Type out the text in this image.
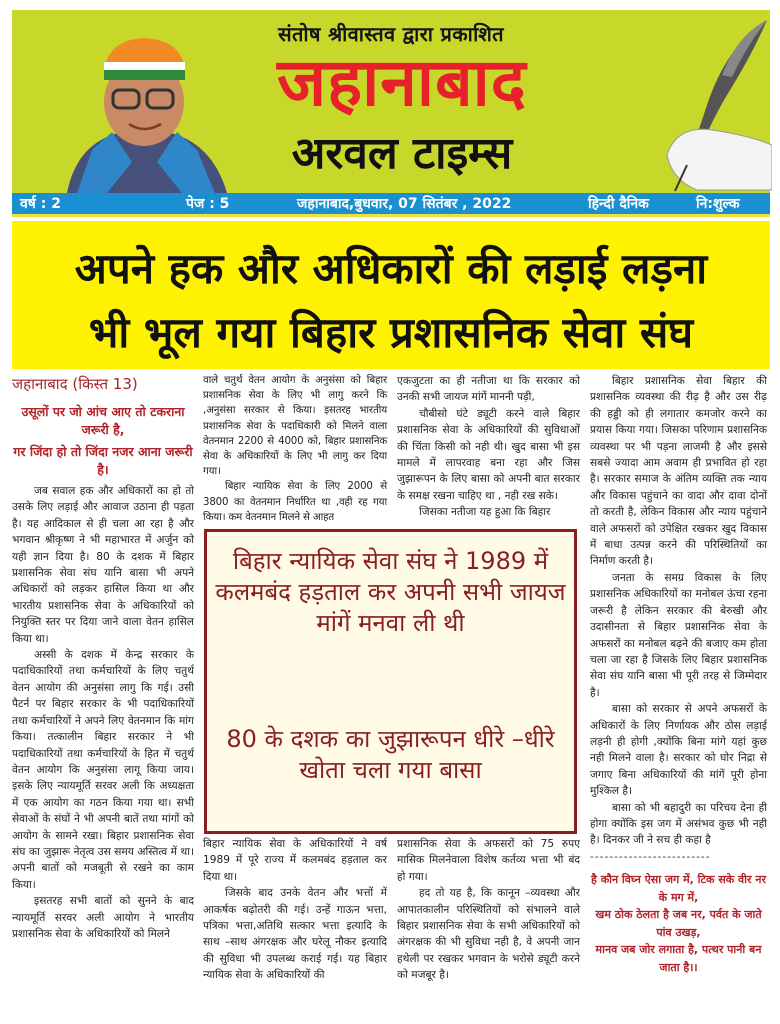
संतोष श्रीवास्तव द्वारा प्रकाशित
जहानाबाद
अरवल टाइम्स
वर्ष : 2	पेज : 5	जहानाबाद,बुधवार, 07 सितंबर , 2022	हिन्दी दैनिक	नि:शुल्क
अपने हक और अधिकारों की लड़ाई लड़ना
भी भूल गया बिहार प्रशासनिक सेवा संघ
जहानाबाद (किस्त 13)
उसूलों पर जो आंच आए तो टकराना जरूरी है,
गर जिंदा हो तो जिंदा नजर आना जरूरी है।

जब सवाल हक और अधिकारों का हो तो उसके लिए लड़ाई और आवाज उठाना ही पड़ता है। यह आदिकाल से ही चला आ रहा है और भगवान श्रीकृष्ण ने भी महाभारत में अर्जुन को यही ज्ञान दिया है। 80 के दशक में बिहार प्रशासनिक सेवा संघ यानि बासा भी अपने अधिकारों को लड़कर हासिल किया था और भारतीय प्रशासनिक सेवा के अधिकारियों को नियुक्ति स्तर पर दिया जाने वाला वेतन हासिल किया था।

अस्सी के दशक में केन्द्र सरकार के पदाधिकारियों तथा कर्मचारियों के लिए चतुर्थ वेतन आयोग की अनुसंसा लागु कि गई। उसी पैटर्न पर बिहार सरकार के भी पदाधिकारियों तथा कर्मचारियों ने अपने लिए वेतनमान कि मांग किया। तत्कालीन बिहार सरकार ने भी पदाधिकारियों तथा कर्मचारियों के हित में चतुर्थ वेतन आयोग कि अनुसंसा लागू किया जाय। इसके लिए न्यायमूर्ति सरवर अली कि अध्यक्षता में एक आयोग का गठन किया गया था। सभी सेवाओं के संघों ने भी अपनी बातें तथा मांगों को आयोग के सामने रखा। बिहार प्रशासनिक सेवा संघ का जुझारू नेतृत्व उस समय अस्तित्व में था। अपनी बातों को मजबूती से रखने का काम किया।

इसतरह सभी बातों को सुनने के बाद न्यायमूर्ति सरवर अली आयोग ने भारतीय प्रशासनिक सेवा के अधिकारियों को मिलने

वाले चतुर्थ वेतन आयोग के अनुसंसा को बिहार प्रशासनिक सेवा के लिए भी लागु करने कि ,अनुसंसा सरकार से किया। इसतरह भारतीय प्रशासनिक सेवा के पदाधिकारी को मिलने वाला वेतनमान 2200 से 4000 को, बिहार प्रशासनिक सेवा के अधिकारियों के लिए भी लागु कर दिया गया।

बिहार न्यायिक सेवा के लिए 2000 से 3800 का वेतनमान निर्धारित था ,वही रह गया किया। कम वेतनमान मिलने से आहत

एकजुटता का ही नतीजा था कि सरकार को उनकी सभी जायज मांगें माननी पड़ी,

चौबीसो घंटे ड्यूटी करने वाले बिहार प्रशासनिक सेवा के अधिकारियों की सुविधाओं की चिंता किसी को नही थी। खुद बासा भी इस मामले में लापरवाह बना रहा और जिस जुझारूपन के लिए बासा को अपनी बात सरकार के समक्ष रखना चाहिए था , नही रख सके।

जिसका नतीजा यह हुआ कि बिहार

बिहार न्यायिक सेवा संघ ने 1989 में कलमबंद हड़ताल कर अपनी सभी जायज मांगें मनवा ली थी
80 के दशक का जुझारूपन धीरे –धीरे खोता चला गया बासा

बिहार न्यायिक सेवा के अधिकारियों ने वर्ष 1989 में पूरे राज्य में कलमबंद हड़ताल कर दिया था।

जिसके बाद उनके वेतन और भत्तों में आकर्षक बढ़ोतरी की गई। उन्हें गाऊन भत्ता, पत्रिका भत्ता,अतिथि सत्कार भत्ता इत्यादि के साथ –साथ अंगरक्षक और घरेलू नौकर इत्यादि की सुविधा भी उपलब्ध कराई गई। यह बिहार न्यायिक सेवा के अधिकारियों की

प्रशासनिक सेवा के अफसरों को 75 रुपए मासिक मिलनेवाला विशेष कर्तव्य भत्ता भी बंद हो गया।

हद तो यह है, कि कानून –व्यवस्था और आपातकालीन परिस्थितियों को संभालने वाले बिहार प्रशासनिक सेवा के सभी अधिकारियों को अंगरक्षक की भी सुविधा नही है, वे अपनी जान हथेली पर रखकर भगवान के भरोसे ड्यूटी करने को मजबूर है।

बिहार प्रशासनिक सेवा बिहार की प्रशासनिक व्यवस्था की रीढ़ है और उस रीढ़ की हड्डी को ही लगातार कमजोर करने का प्रयास किया गया। जिसका परिणाम प्रशासनिक व्यवस्था पर भी पड़ना लाजमी है और इससे सबसे ज्यादा आम अवाम ही प्रभावित हो रहा है। सरकार समाज के अंतिम व्यक्ति तक न्याय और विकास पहुंचाने का वादा और दावा दोनों तो करती है, लेकिन विकास और न्याय पहुंचाने वाले अफसरों को उपेक्षित रखकर खुद विकास में बाधा उत्पन्न करने की परिस्थितियों का निर्माण करती है।

जनता के समग्र विकास के लिए प्रशासनिक अधिकारियों का मनोबल ऊंचा रहना जरूरी है लेकिन सरकार की बेरुखी और उदासीनता से बिहार प्रशासनिक सेवा के अफसरों का मनोबल बढ़ने की बजाए कम होता चला जा रहा है जिसके लिए बिहार प्रशासनिक सेवा संघ यानि बासा भी पूरी तरह से जिम्मेदार है।

बासा को सरकार से अपने अफसरों के अधिकारों के लिए निर्णायक और ठोस लड़ाई लड़नी ही होगी ,क्योंकि बिना मांगे यहां कुछ नही मिलने वाला है। सरकार को घोर निद्रा से जगाए बिना अधिकारियों की मांगें पूरी होना मुश्किल है।

बासा को भी बहादुरी का परिचय देना ही होगा क्योंकि इस जग में असंभव कुछ भी नही है। दिनकर जी ने सच ही कहा है

-------------------------
है कौन विघ्न ऐसा जग में, टिक सके वीर नर के मग में,
खम ठोक ठेलता है जब नर, पर्वत के जाते पांव उखड़,
मानव जब जोर लगाता है, पत्थर पानी बन जाता है।।
